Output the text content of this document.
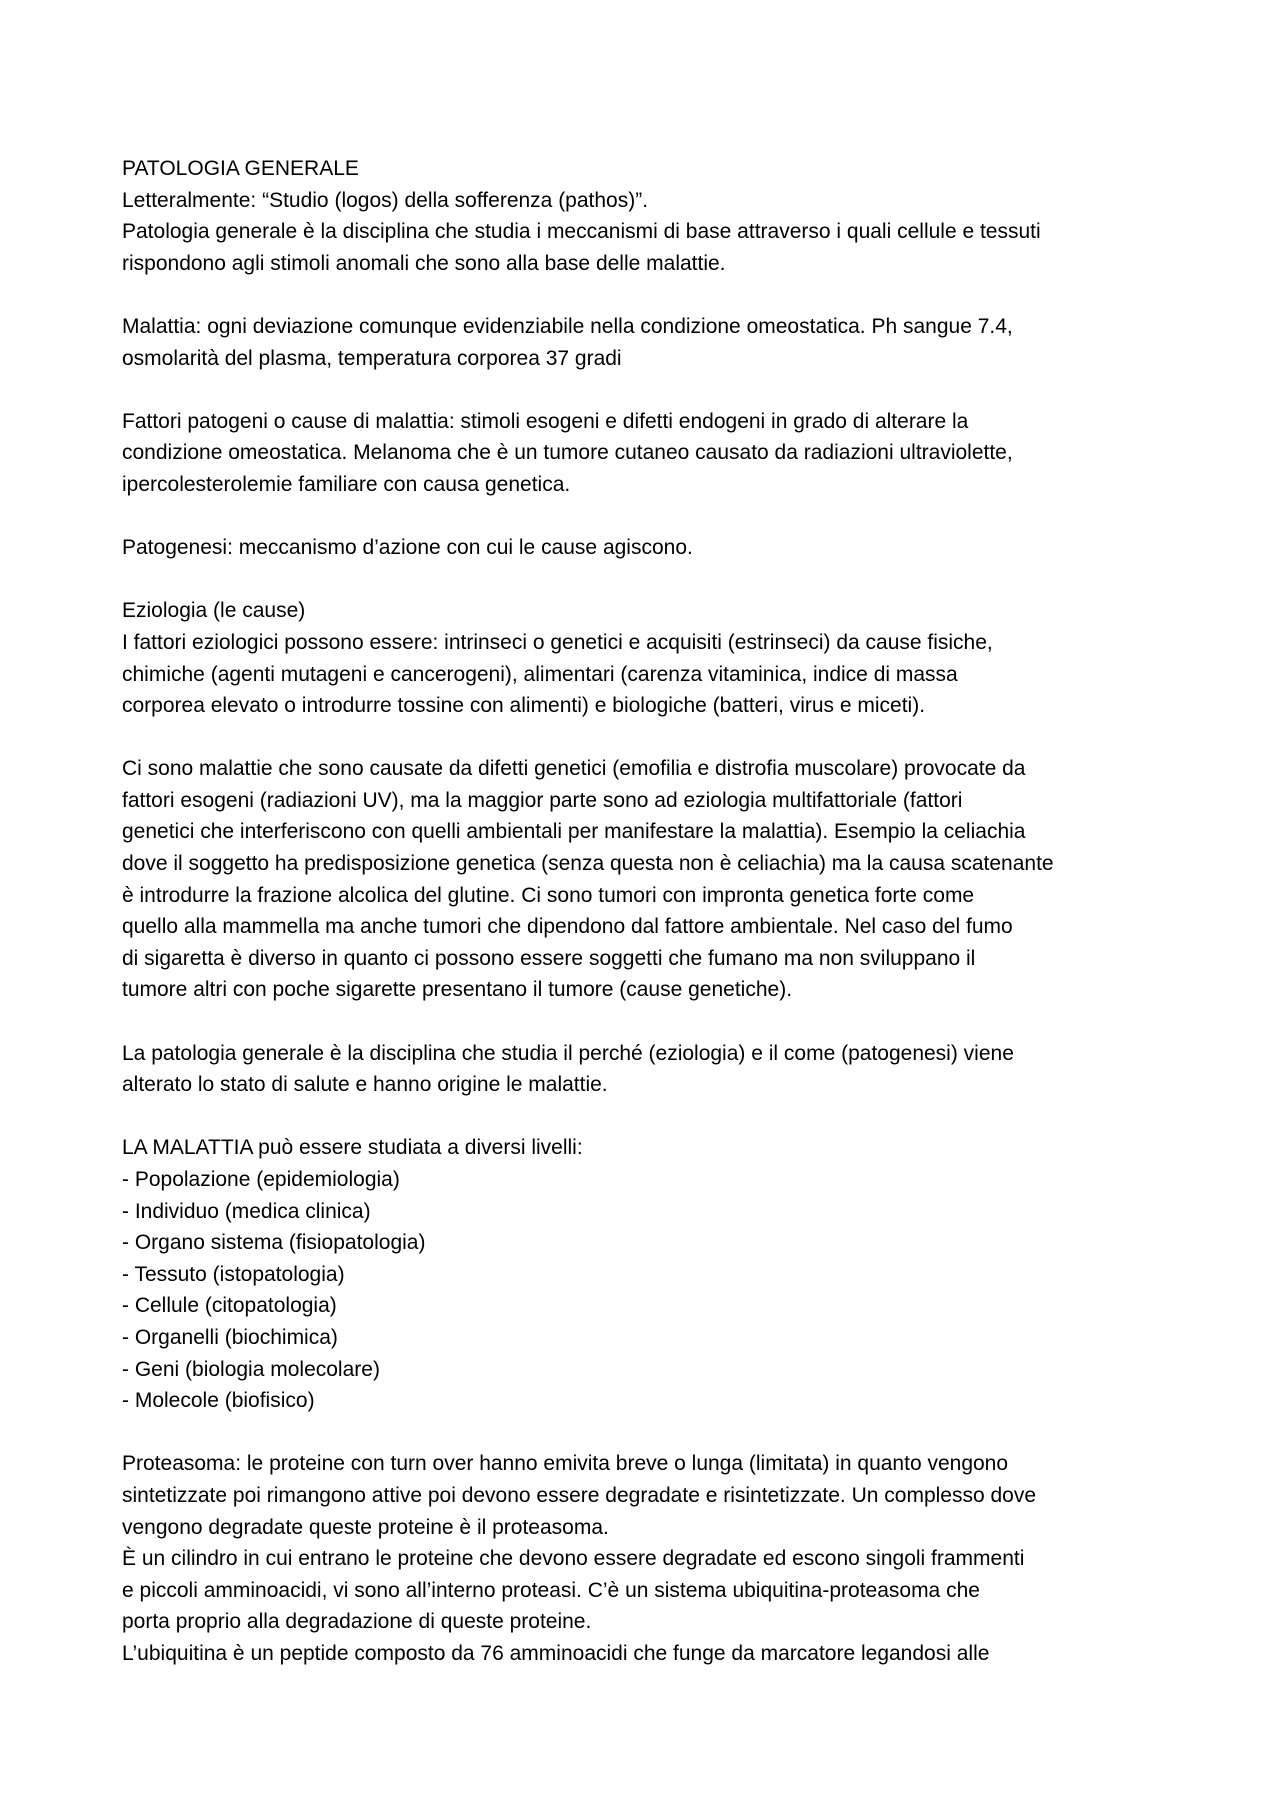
PATOLOGIA GENERALE
Letteralmente: “Studio (logos) della sofferenza (pathos)”.
Patologia generale è la disciplina che studia i meccanismi di base attraverso i quali cellule e tessuti
rispondono agli stimoli anomali che sono alla base delle malattie.
Malattia: ogni deviazione comunque evidenziabile nella condizione omeostatica. Ph sangue 7.4,
osmolarità del plasma, temperatura corporea 37 gradi
Fattori patogeni o cause di malattia: stimoli esogeni e difetti endogeni in grado di alterare la
condizione omeostatica. Melanoma che è un tumore cutaneo causato da radiazioni ultraviolette,
ipercolesterolemie familiare con causa genetica.
Patogenesi: meccanismo d’azione con cui le cause agiscono.
Eziologia (le cause)
I fattori eziologici possono essere: intrinseci o genetici e acquisiti (estrinseci) da cause fisiche,
chimiche (agenti mutageni e cancerogeni), alimentari (carenza vitaminica, indice di massa
corporea elevato o introdurre tossine con alimenti) e biologiche (batteri, virus e miceti).
Ci sono malattie che sono causate da difetti genetici (emofilia e distrofia muscolare) provocate da
fattori esogeni (radiazioni UV), ma la maggior parte sono ad eziologia multifattoriale (fattori
genetici che interferiscono con quelli ambientali per manifestare la malattia). Esempio la celiachia
dove il soggetto ha predisposizione genetica (senza questa non è celiachia) ma la causa scatenante
è introdurre la frazione alcolica del glutine. Ci sono tumori con impronta genetica forte come
quello alla mammella ma anche tumori che dipendono dal fattore ambientale. Nel caso del fumo
di sigaretta è diverso in quanto ci possono essere soggetti che fumano ma non sviluppano il
tumore altri con poche sigarette presentano il tumore (cause genetiche).
La patologia generale è la disciplina che studia il perché (eziologia) e il come (patogenesi) viene
alterato lo stato di salute e hanno origine le malattie.
LA MALATTIA può essere studiata a diversi livelli:
- Popolazione (epidemiologia)
- Individuo (medica clinica)
- Organo sistema (fisiopatologia)
- Tessuto (istopatologia)
- Cellule (citopatologia)
- Organelli (biochimica)
- Geni (biologia molecolare)
- Molecole (biofisico)
Proteasoma: le proteine con turn over hanno emivita breve o lunga (limitata) in quanto vengono
sintetizzate poi rimangono attive poi devono essere degradate e risintetizzate. Un complesso dove
vengono degradate queste proteine è il proteasoma.
È un cilindro in cui entrano le proteine che devono essere degradate ed escono singoli frammenti
e piccoli amminoacidi, vi sono all’interno proteasi. C’è un sistema ubiquitina-proteasoma che
porta proprio alla degradazione di queste proteine.
L’ubiquitina è un peptide composto da 76 amminoacidi che funge da marcatore legandosi alle
